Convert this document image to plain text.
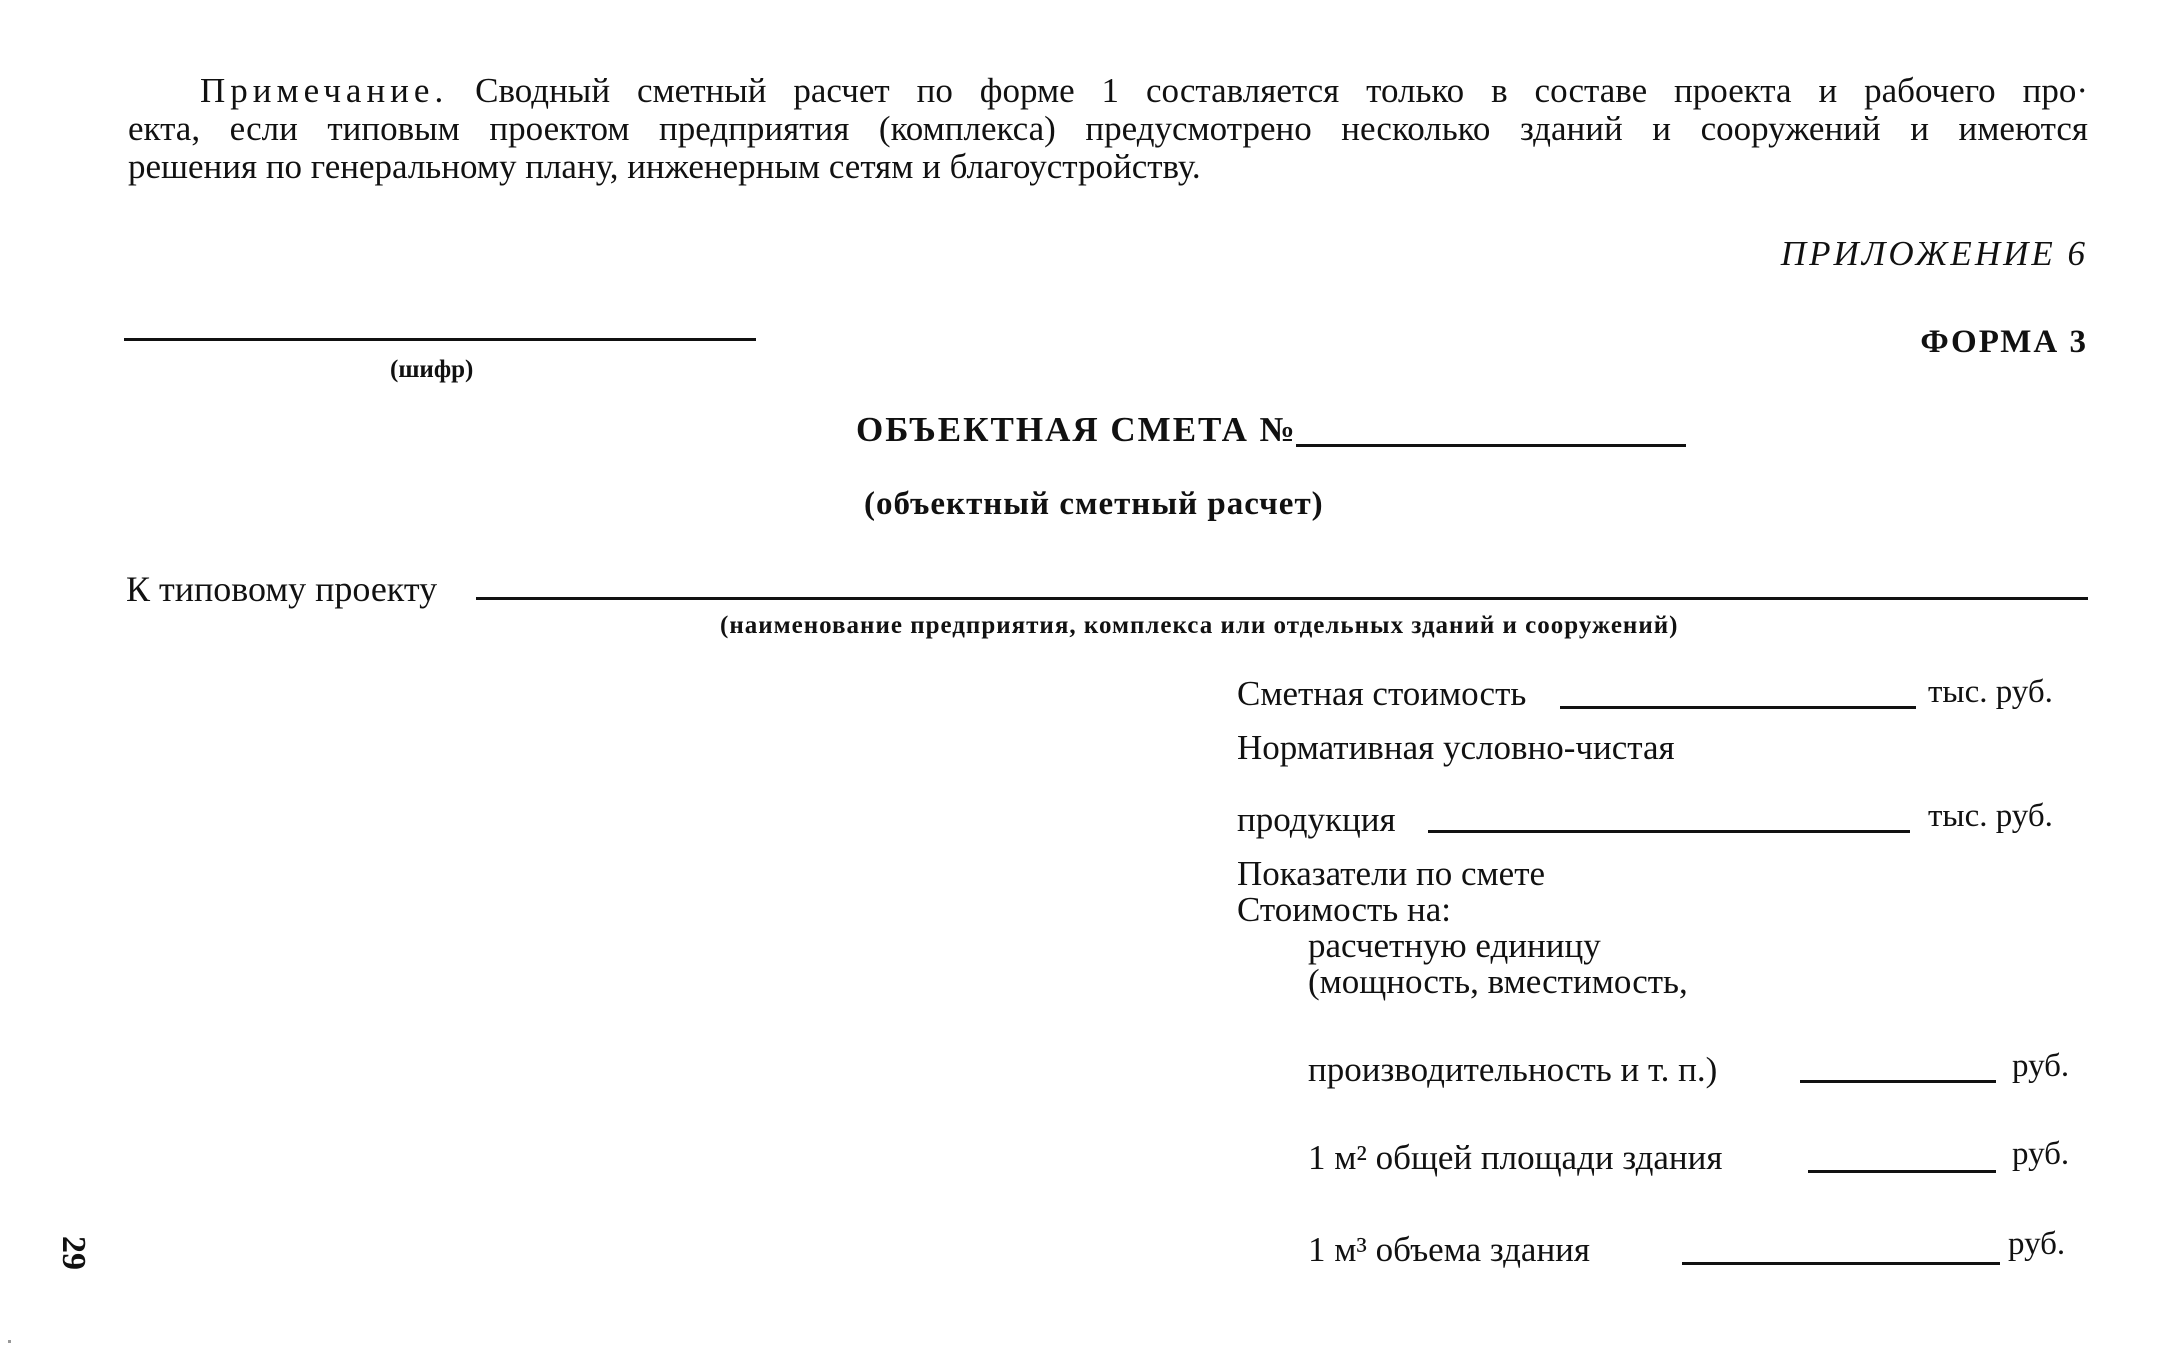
Примечание. Сводный сметный расчет по форме 1 составляется только в составе проекта и рабочего про·
екта, если типовым проектом предприятия (комплекса) предусмотрено несколько зданий и сооружений и имеются
решения по генеральному плану, инженерным сетям и благоустройству.
ПРИЛОЖЕНИЕ 6
(шифр)
ФОРМА 3
ОБЪЕКТНАЯ СМЕТА №
(объектный сметный расчет)
К типовому проекту
(наименование предприятия, комплекса или отдельных зданий и сооружений)
Сметная стоимость	тыс. руб.
Нормативная условно-чистая
продукция	тыс. руб.
Показатели по смете
Стоимость на:
расчетную единицу
(мощность, вместимость,
производительность и т. п.)	руб.
1 м² общей площади здания	руб.
1 м³ объема здания	руб.
29
